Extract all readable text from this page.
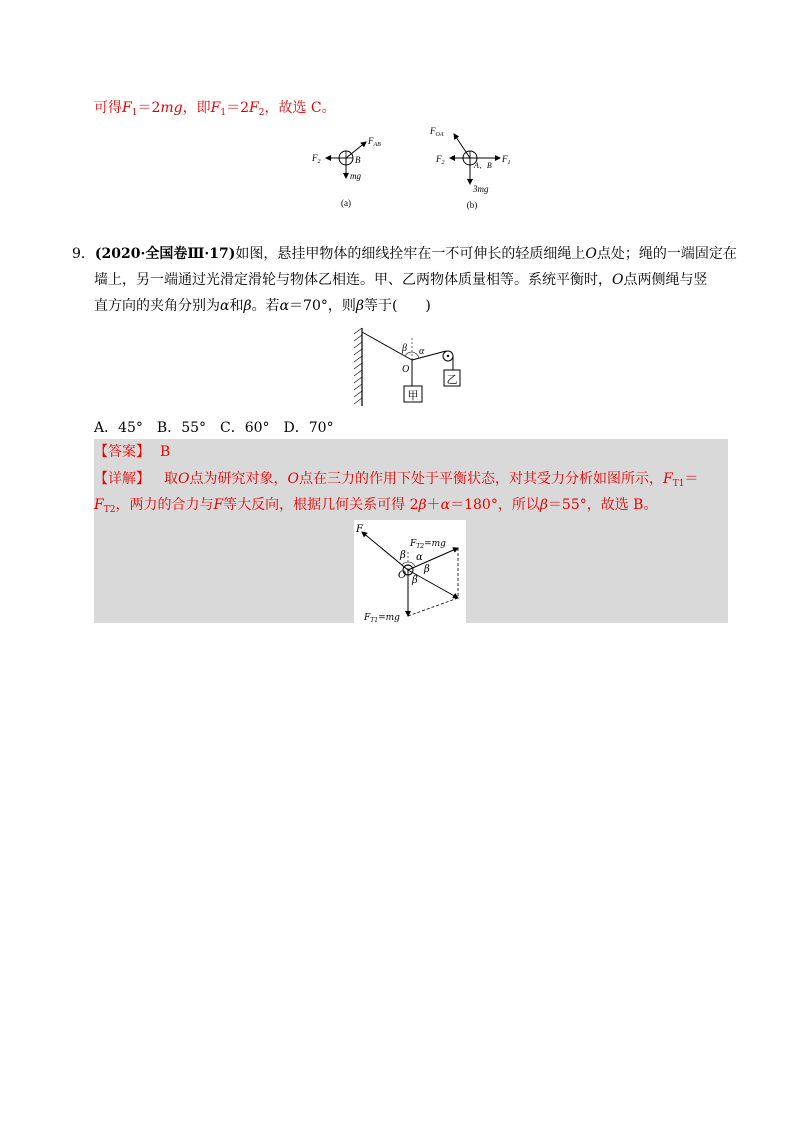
可得$F_1=2mg$，即$F_1=2F_2$，故选 C。
$F_2$	B
$F_{AB}$
mg
(a)
$F_{OA}$
$F_2$	A、B
$F_1$
3mg
(b)
9．(2020·全国卷Ⅲ·17)如图，悬挂甲物体的细线拴牢在一不可伸长的轻质细绳上O点处；绳的一端固定在
墙上，另一端通过光滑定滑轮与物体乙相连。甲、乙两物体质量相等。系统平衡时，O点两侧绳与竖
直方向的夹角分别为α和β。若α＝70°，则β等于(　　)
β α
O
甲
乙
A．45°　B．55°　C．60°　D．70°
【答案】 B
【详解】 取O点为研究对象，O点在三力的作用下处于平衡状态，对其受力分析如图所示，$F_{T1}=$
$F_{T2}$，两力的合力与F等大反向，根据几何关系可得 2β＋α＝180°，所以β＝55°，故选 B。
F
$F_{T2}=mg$
β α
O β
β
$F_{T1}=mg$
